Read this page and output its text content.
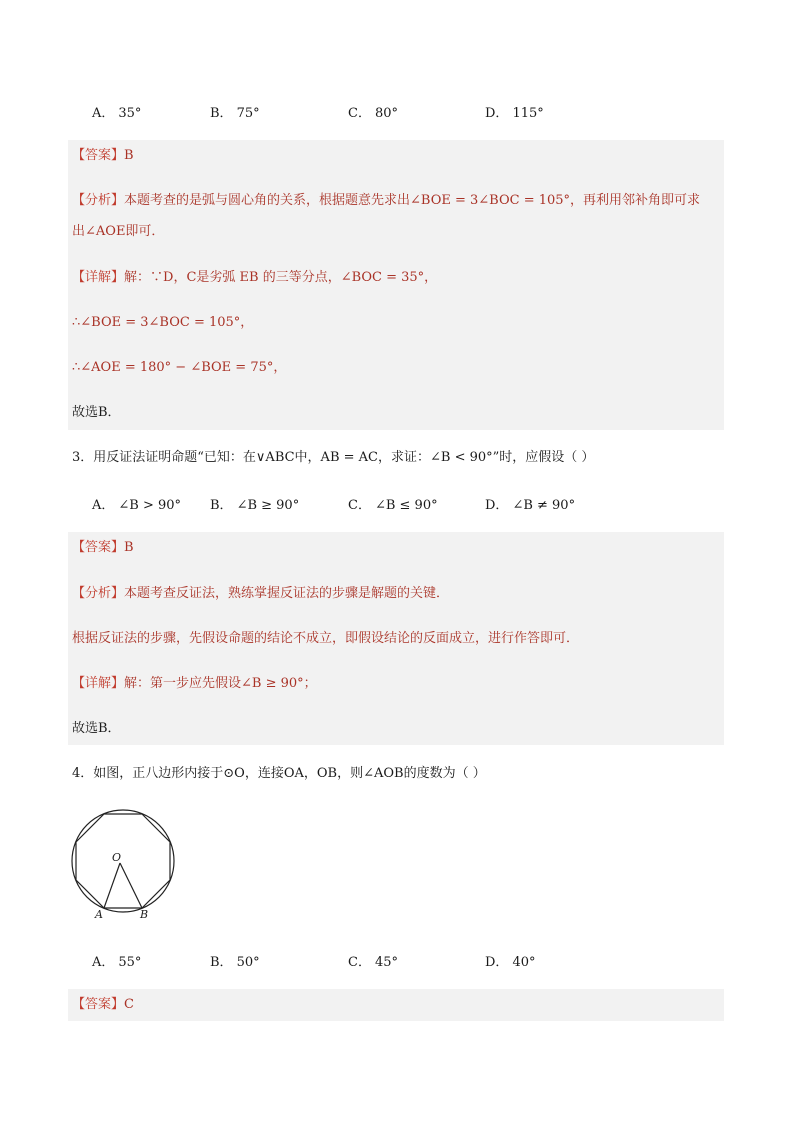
A． 35°	B． 75°	C． 80°	D． 115°
【答案】B
【分析】本题考查的是弧与圆心角的关系，根据题意先求出∠BOE = 3∠BOC = 105°，再利用邻补角即可求
出∠AOE即可．
【详解】解：∵D，C是劣弧 EB 的三等分点，∠BOC = 35°，
∴∠BOE = 3∠BOC = 105°，
∴∠AOE = 180° − ∠BOE = 75°，
故选B．
3．用反证法证明命题“已知：在∨ABC中，AB = AC，求证：∠B < 90°”时，应假设（ ）
A． ∠B > 90° B． ∠B ≥ 90°	C． ∠B ≤ 90°	D． ∠B ≠ 90°
【答案】B
【分析】本题考查反证法，熟练掌握反证法的步骤是解题的关键．
根据反证法的步骤，先假设命题的结论不成立，即假设结论的反面成立，进行作答即可．
【详解】解：第一步应先假设∠B ≥ 90°；
故选B．
4．如图，正八边形内接于⊙O，连接OA，OB，则∠AOB的度数为（ ）
O
A	B
A． 55°	B． 50°	C． 45°	D． 40°
【答案】C
